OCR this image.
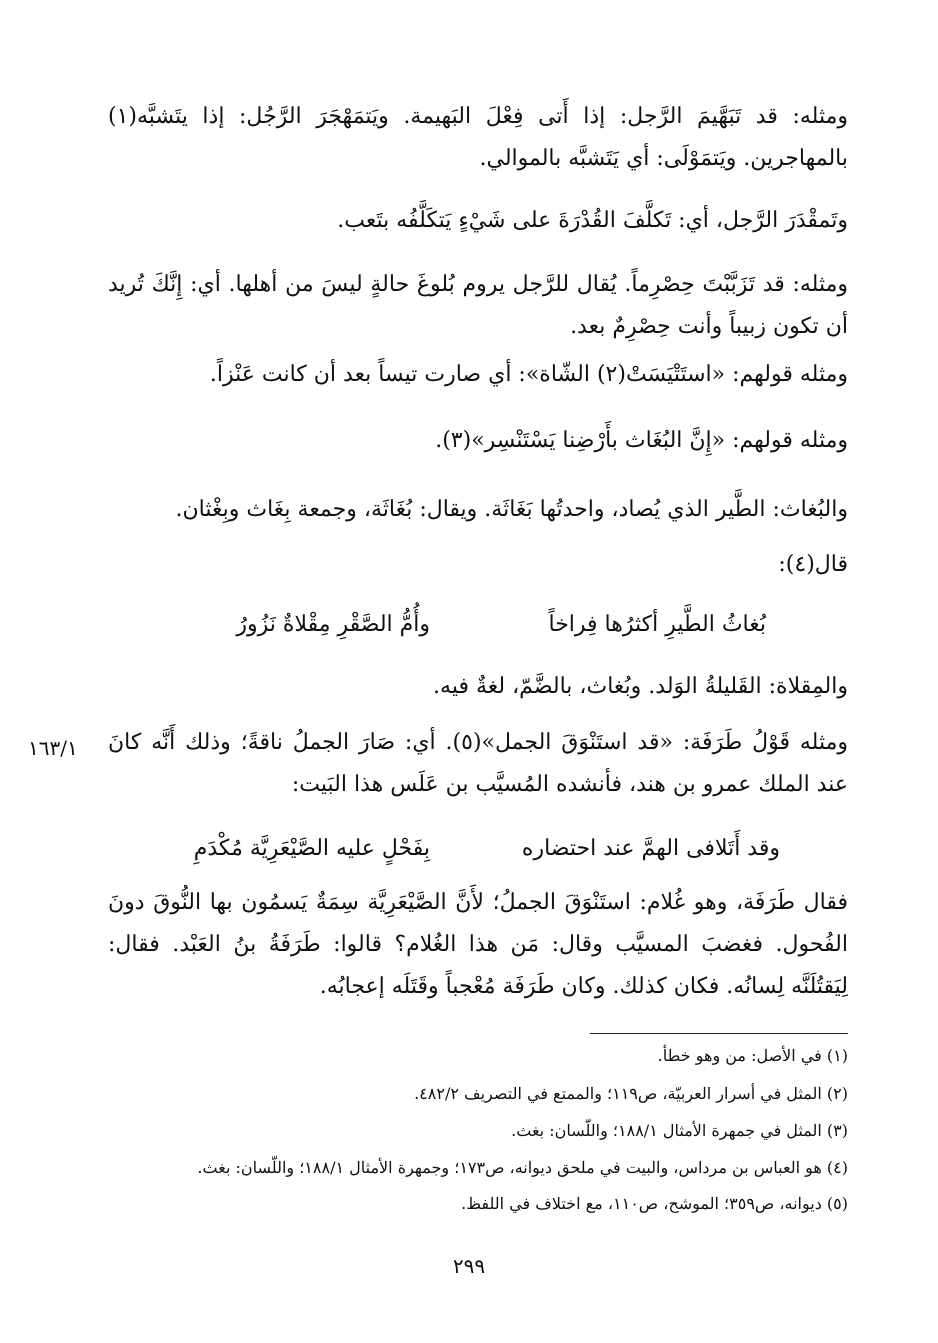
ومثله: قد تَبَهَّيمَ الرَّجل: إذا أَتى فِعْلَ البَهيمة. ويَتمَهْجَرَ الرَّجُل: إذا يتَشبَّه(١) بالمهاجرين. ويَتمَوْلَى: أي يَتَشبَّه بالموالي.
وتَمقْدَرَ الرَّجل، أي: تَكلَّفَ القُدْرَةَ على شَيْءٍ يَتكَلَّفُه بتَعب.
ومثله: قد تَزَبَّبْتَ حِصْرِماً. يُقال للرَّجل يروم بُلوغَ حالةٍ ليسَ من أهلها. أي: إِنَّكَ تُريد أن تكون زبيباً وأنت حِصْرِمٌ بعد.
ومثله قولهم: «استَتْيَسَتْ(٢) الشّاة»: أي صارت تيساً بعد أن كانت عَنْزاً.
ومثله قولهم: «إِنَّ البُغَاث بأَرْضِنا يَسْتَنْسِر»(٣).
والبُغاث: الطَّير الذي يُصاد، واحدتُها بَغَاثَة. ويقال: بُغَاثَة، وجمعة بِغَاث وبِغْثان.
قال(٤):
بُغاثُ الطَّيرِ أكثرُها فِراخاً
وأُمُّ الصَّقْرِ مِقْلاةٌ نَزُورُ
والمِقلاة: القَليلةُ الوَلد. وبُغاث، بالضَّمّ، لغةٌ فيه.
ومثله قَوْلُ طَرَفَة: «قد استَنْوَقَ الجمل»(٥). أي: صَارَ الجملُ ناقةً؛ وذلك أَنَّه كانَ عند الملك عمرو بن هند، فأنشده المُسيَّب بن عَلَس هذا البَيت:
١٦٣/١
وقد أَتَلافى الهمَّ عند احتضاره
بِفَحْلٍ عليه الصَّيْعَرِيَّة مُكْدَمِ
فقال طَرَفَة، وهو غُلام: استَنْوَقَ الجملُ؛ لأَنَّ الصَّيْعَرِيَّة سِمَةٌ يَسمُون بها النُّوقَ دونَ الفُحول. فغضبَ المسيَّب وقال: مَن هذا الغُلام؟ قالوا: طَرَفَةُ بنُ العَبْد. فقال: لِيَقتُلَنَّه لِسانُه. فكان كذلك. وكان طَرَفَة مُعْجباً وقَتَلَه إعجابُه.
(١) في الأصل: من وهو خطأ.
(٢) المثل في أسرار العربيّة، ص١١٩؛ والممتع في التصريف ٤٨٢/٢.
(٣) المثل في جمهرة الأمثال ١٨٨/١؛ واللّسان: بغث.
(٤) هو العباس بن مرداس، والبيت في ملحق ديوانه، ص١٧٣؛ وجمهرة الأمثال ١٨٨/١؛ واللّسان: بغث.
(٥) ديوانه، ص٣٥٩؛ الموشح، ص١١٠، مع اختلاف في اللفظ.
٢٩٩
